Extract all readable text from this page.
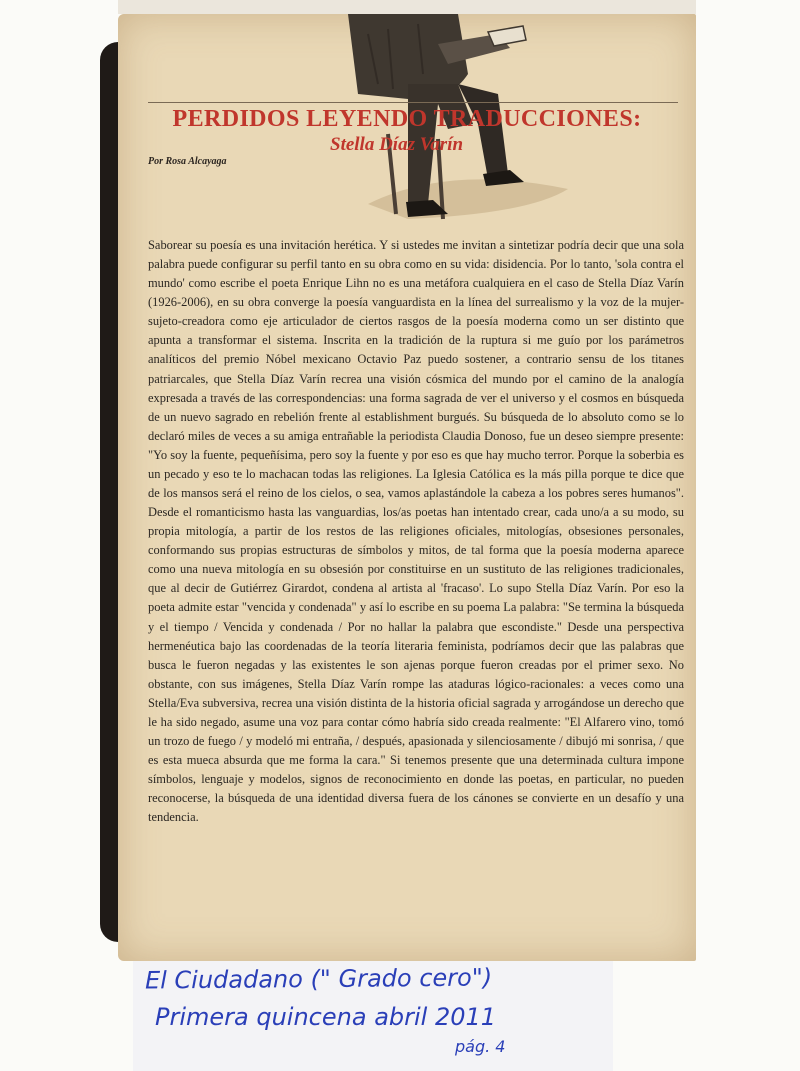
PERDIDOS LEYENDO TRADUCCIONES:
Stella Díaz Varín
Por Rosa Alcayaga

Saborear su poesía es una invitación herética. Y si ustedes me invitan a sintetizar podría decir que una sola palabra puede configurar su perfil tanto en su obra como en su vida: disidencia. Por lo tanto, 'sola contra el mundo' como escribe el poeta Enrique Lihn no es una metáfora cualquiera en el caso de Stella Díaz Varín (1926-2006), en su obra converge la poesía vanguardista en la línea del surrealismo y la voz de la mujer-sujeto-creadora como eje articulador de ciertos rasgos de la poesía moderna como un ser distinto que apunta a transformar el sistema. Inscrita en la tradición de la ruptura si me guío por los parámetros analíticos del premio Nóbel mexicano Octavio Paz puedo sostener, a contrario sensu de los titanes patriarcales, que Stella Díaz Varín recrea una visión cósmica del mundo por el camino de la analogía expresada a través de las correspondencias: una forma sagrada de ver el universo y el cosmos en búsqueda de un nuevo sagrado en rebelión frente al establishment burgués. Su búsqueda de lo absoluto como se lo declaró miles de veces a su amiga entrañable la periodista Claudia Donoso, fue un deseo siempre presente: "Yo soy la fuente, pequeñísima, pero soy la fuente y por eso es que hay mucho terror. Porque la soberbia es un pecado y eso te lo machacan todas las religiones. La Iglesia Católica es la más pilla porque te dice que de los mansos será el reino de los cielos, o sea, vamos aplastándole la cabeza a los pobres seres humanos". Desde el romanticismo hasta las vanguardias, los/as poetas han intentado crear, cada uno/a a su modo, su propia mitología, a partir de los restos de las religiones oficiales, mitologías, obsesiones personales, conformando sus propias estructuras de símbolos y mitos, de tal forma que la poesía moderna aparece como una nueva mitología en su obsesión por constituirse en un sustituto de las religiones tradicionales, que al decir de Gutiérrez Girardot, condena al artista al 'fracaso'. Lo supo Stella Díaz Varín. Por eso la poeta admite estar "vencida y condenada" y así lo escribe en su poema La palabra: "Se termina la búsqueda y el tiempo / Vencida y condenada / Por no hallar la palabra que escondiste." Desde una perspectiva hermenéutica bajo las coordenadas de la teoría literaria feminista, podríamos decir que las palabras que busca le fueron negadas y las existentes le son ajenas porque fueron creadas por el primer sexo. No obstante, con sus imágenes, Stella Díaz Varín rompe las ataduras lógico-racionales: a veces como una Stella/Eva subversiva, recrea una visión distinta de la historia oficial sagrada y arrogándose un derecho que le ha sido negado, asume una voz para contar cómo habría sido creada realmente: "El Alfarero vino, tomó un trozo de fuego / y modeló mi entraña, / después, apasionada y silenciosamente / dibujó mi sonrisa, / que es esta mueca absurda que me forma la cara." Si tenemos presente que una determinada cultura impone símbolos, lenguaje y modelos, signos de reconocimiento en donde las poetas, en particular, no pueden reconocerse, la búsqueda de una identidad diversa fuera de los cánones se convierte en un desafío y una tendencia.

El Ciudadano (" Grado cero")
Primera quincena abril 2011
pág. 4
